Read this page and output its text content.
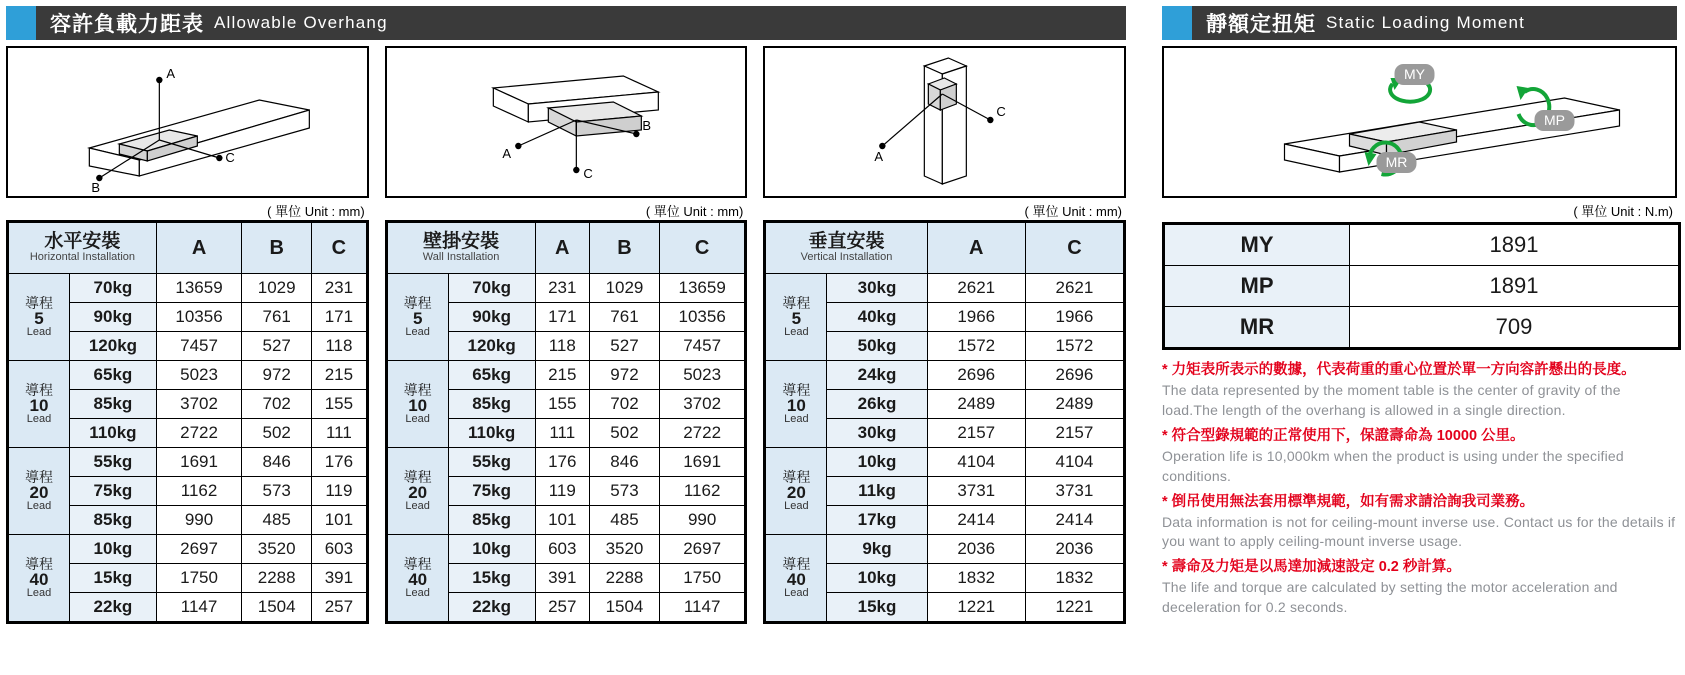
容許負載力距表 Allowable Overhang
A
C
B
( 單位 Unit : mm)
A
B
C
( 單位 Unit : mm)
A
C
( 單位 Unit : mm)
水平安裝
Horizontal Installation		A	B	C

導程
5
Lead	70kg	13659	1029	231
	90kg	10356	761	171
	120kg	7457	527	118

導程
10
Lead	65kg	5023	972	215
	85kg	3702	702	155
	110kg	2722	502	111

導程
20
Lead	55kg	1691	846	176
	75kg	1162	573	119
	85kg	990	485	101

導程
40
Lead	10kg	2697	3520	603
	15kg	1750	2288	391
	22kg	1147	1504	257
壁掛安裝
Wall Installation		A	B	C

導程
5
Lead	70kg	231	1029	13659
	90kg	171	761	10356
	120kg	118	527	7457

導程
10
Lead	65kg	215	972	5023
	85kg	155	702	3702
	110kg	111	502	2722

導程
20
Lead	55kg	176	846	1691
	75kg	119	573	1162
	85kg	101	485	990

導程
40
Lead	10kg	603	3520	2697
	15kg	391	2288	1750
	22kg	257	1504	1147
垂直安裝
Vertical Installation		A	C

導程
5
Lead	30kg	2621	2621
	40kg	1966	1966
	50kg	1572	1572

導程
10
Lead	24kg	2696	2696
	26kg	2489	2489
	30kg	2157	2157

導程
20
Lead	10kg	4104	4104
	11kg	3731	3731
	17kg	2414	2414

導程
40
Lead	9kg	2036	2036
	10kg	1832	1832
	15kg	1221	1221
靜額定扭矩 Static Loading Moment
MY
MP
MR
( 單位 Unit : N.m)
MY	1891
MP	1891
MR	709
* 力矩表所表示的數據，代表荷重的重心位置於單一方向容許懸出的長度。
The data represented by the moment table is the center of gravity of the load.The length of the overhang is allowed in a single direction.
* 符合型錄規範的正常使用下，保證壽命為 10000 公里。
Operation life is 10,000km when the product is using under the specified conditions.
* 倒吊使用無法套用標準規範，如有需求請洽詢我司業務。
Data information is not for ceiling-mount inverse use. Contact us for the details if you want to apply ceiling-mount inverse usage.
* 壽命及力矩是以馬達加減速設定 0.2 秒計算。
The life and torque are calculated by setting the motor acceleration and deceleration for 0.2 seconds.
